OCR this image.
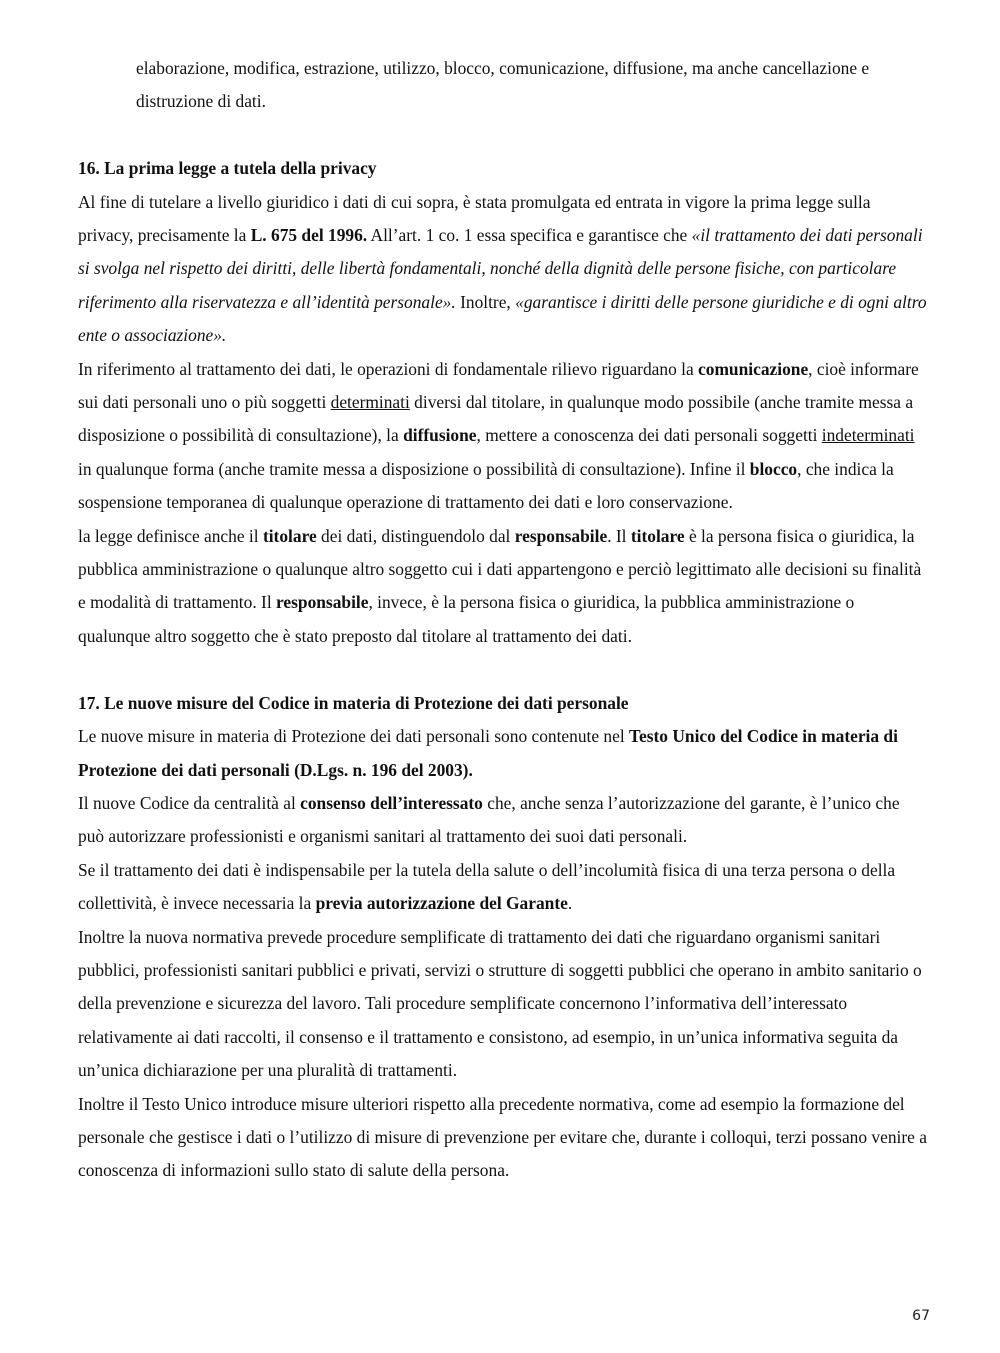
elaborazione, modifica, estrazione, utilizzo, blocco, comunicazione, diffusione, ma anche cancellazione e distruzione di dati.

16. La prima legge a tutela della privacy

Al fine di tutelare a livello giuridico i dati di cui sopra, è stata promulgata ed entrata in vigore la prima legge sulla privacy, precisamente la L. 675 del 1996. All’art. 1 co. 1 essa specifica e garantisce che «il trattamento dei dati personali si svolga nel rispetto dei diritti, delle libertà fondamentali, nonché della dignità delle persone fisiche, con particolare riferimento alla riservatezza e all’identità personale». Inoltre, «garantisce i diritti delle persone giuridiche e di ogni altro ente o associazione».

In riferimento al trattamento dei dati, le operazioni di fondamentale rilievo riguardano la comunicazione, cioè informare sui dati personali uno o più soggetti determinati diversi dal titolare, in qualunque modo possibile (anche tramite messa a disposizione o possibilità di consultazione), la diffusione, mettere a conoscenza dei dati personali soggetti indeterminati in qualunque forma (anche tramite messa a disposizione o possibilità di consultazione). Infine il blocco, che indica la sospensione temporanea di qualunque operazione di trattamento dei dati e loro conservazione.

la legge definisce anche il titolare dei dati, distinguendolo dal responsabile. Il titolare è la persona fisica o giuridica, la pubblica amministrazione o qualunque altro soggetto cui i dati appartengono e perciò legittimato alle decisioni su finalità e modalità di trattamento. Il responsabile, invece, è la persona fisica o giuridica, la pubblica amministrazione o qualunque altro soggetto che è stato preposto dal titolare al trattamento dei dati.

17. Le nuove misure del Codice in materia di Protezione dei dati personale

Le nuove misure in materia di Protezione dei dati personali sono contenute nel Testo Unico del Codice in materia di Protezione dei dati personali (D.Lgs. n. 196 del 2003).

Il nuove Codice da centralità al consenso dell’interessato che, anche senza l’autorizzazione del garante, è l’unico che può autorizzare professionisti e organismi sanitari al trattamento dei suoi dati personali.

Se il trattamento dei dati è indispensabile per la tutela della salute o dell’incolumità fisica di una terza persona o della collettività, è invece necessaria la previa autorizzazione del Garante.

Inoltre la nuova normativa prevede procedure semplificate di trattamento dei dati che riguardano organismi sanitari pubblici, professionisti sanitari pubblici e privati, servizi o strutture di soggetti pubblici che operano in ambito sanitario o della prevenzione e sicurezza del lavoro. Tali procedure semplificate concernono l’informativa dell’interessato relativamente ai dati raccolti, il consenso e il trattamento e consistono, ad esempio, in un’unica informativa seguita da un’unica dichiarazione per una pluralità di trattamenti.

Inoltre il Testo Unico introduce misure ulteriori rispetto alla precedente normativa, come ad esempio la formazione del personale che gestisce i dati o l’utilizzo di misure di prevenzione per evitare che, durante i colloqui, terzi possano venire a conoscenza di informazioni sullo stato di salute della persona.

67
